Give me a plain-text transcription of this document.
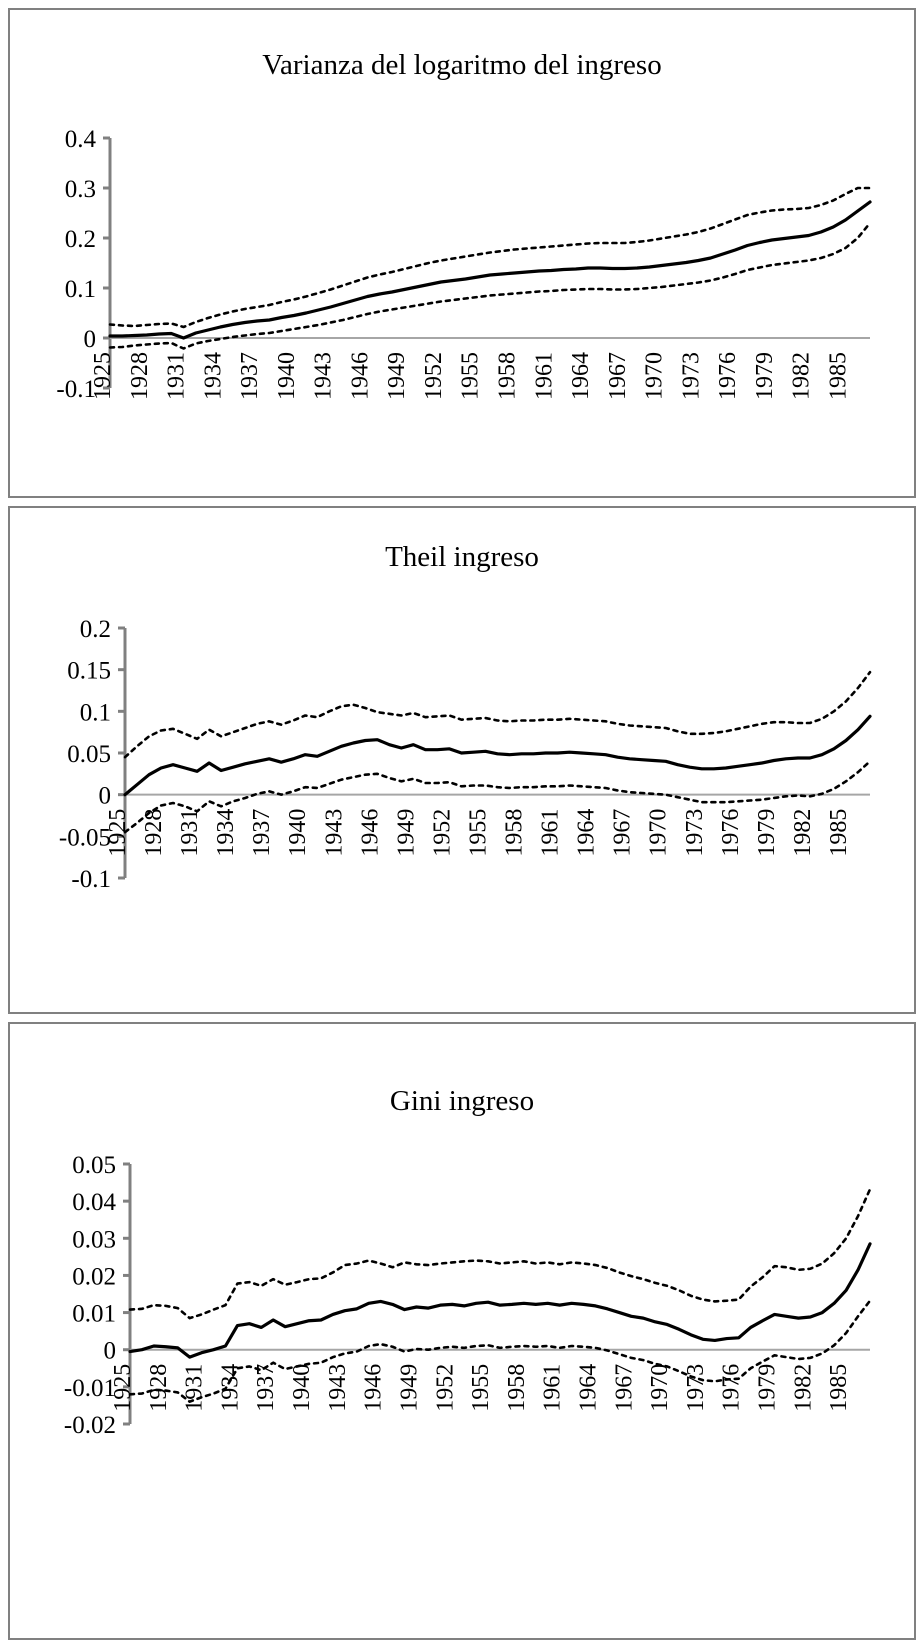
Varianza del logaritmo del ingreso
-0.1
0
0.1
0.2
0.3
0.4
1925 1928 1931 1934 1937 1940 1943 1946 1949 1952 1955 1958 1961 1964 1967 1970 1973 1976 1979 1982 1985
Theil ingreso
-0.1
-0.05
0
0.05
0.1
0.15
0.2
1925 1928 1931 1934 1937 1940 1943 1946 1949 1952 1955 1958 1961 1964 1967 1970 1973 1976 1979 1982 1985
Gini ingreso
-0.02
-0.01
0
0.01
0.02
0.03
0.04
0.05
1925 1928 1931 1934 1937 1940 1943 1946 1949 1952 1955 1958 1961 1964 1967 1970 1973 1976 1979 1982 1985
